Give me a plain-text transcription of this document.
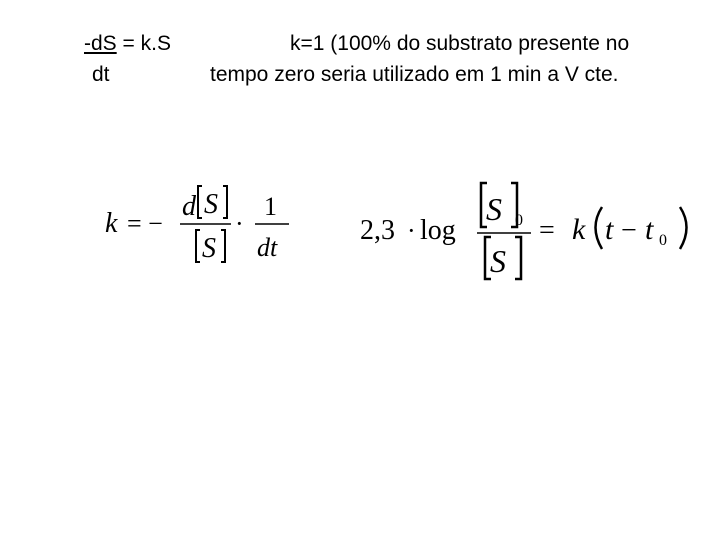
-dS = k.S
dt
k=1 (100% do substrato presente no
tempo zero seria utilizado em 1 min a V cte.
k = −
d S
S
·
1
dt
2,3 · log
S 0
S
= k t − t 0
